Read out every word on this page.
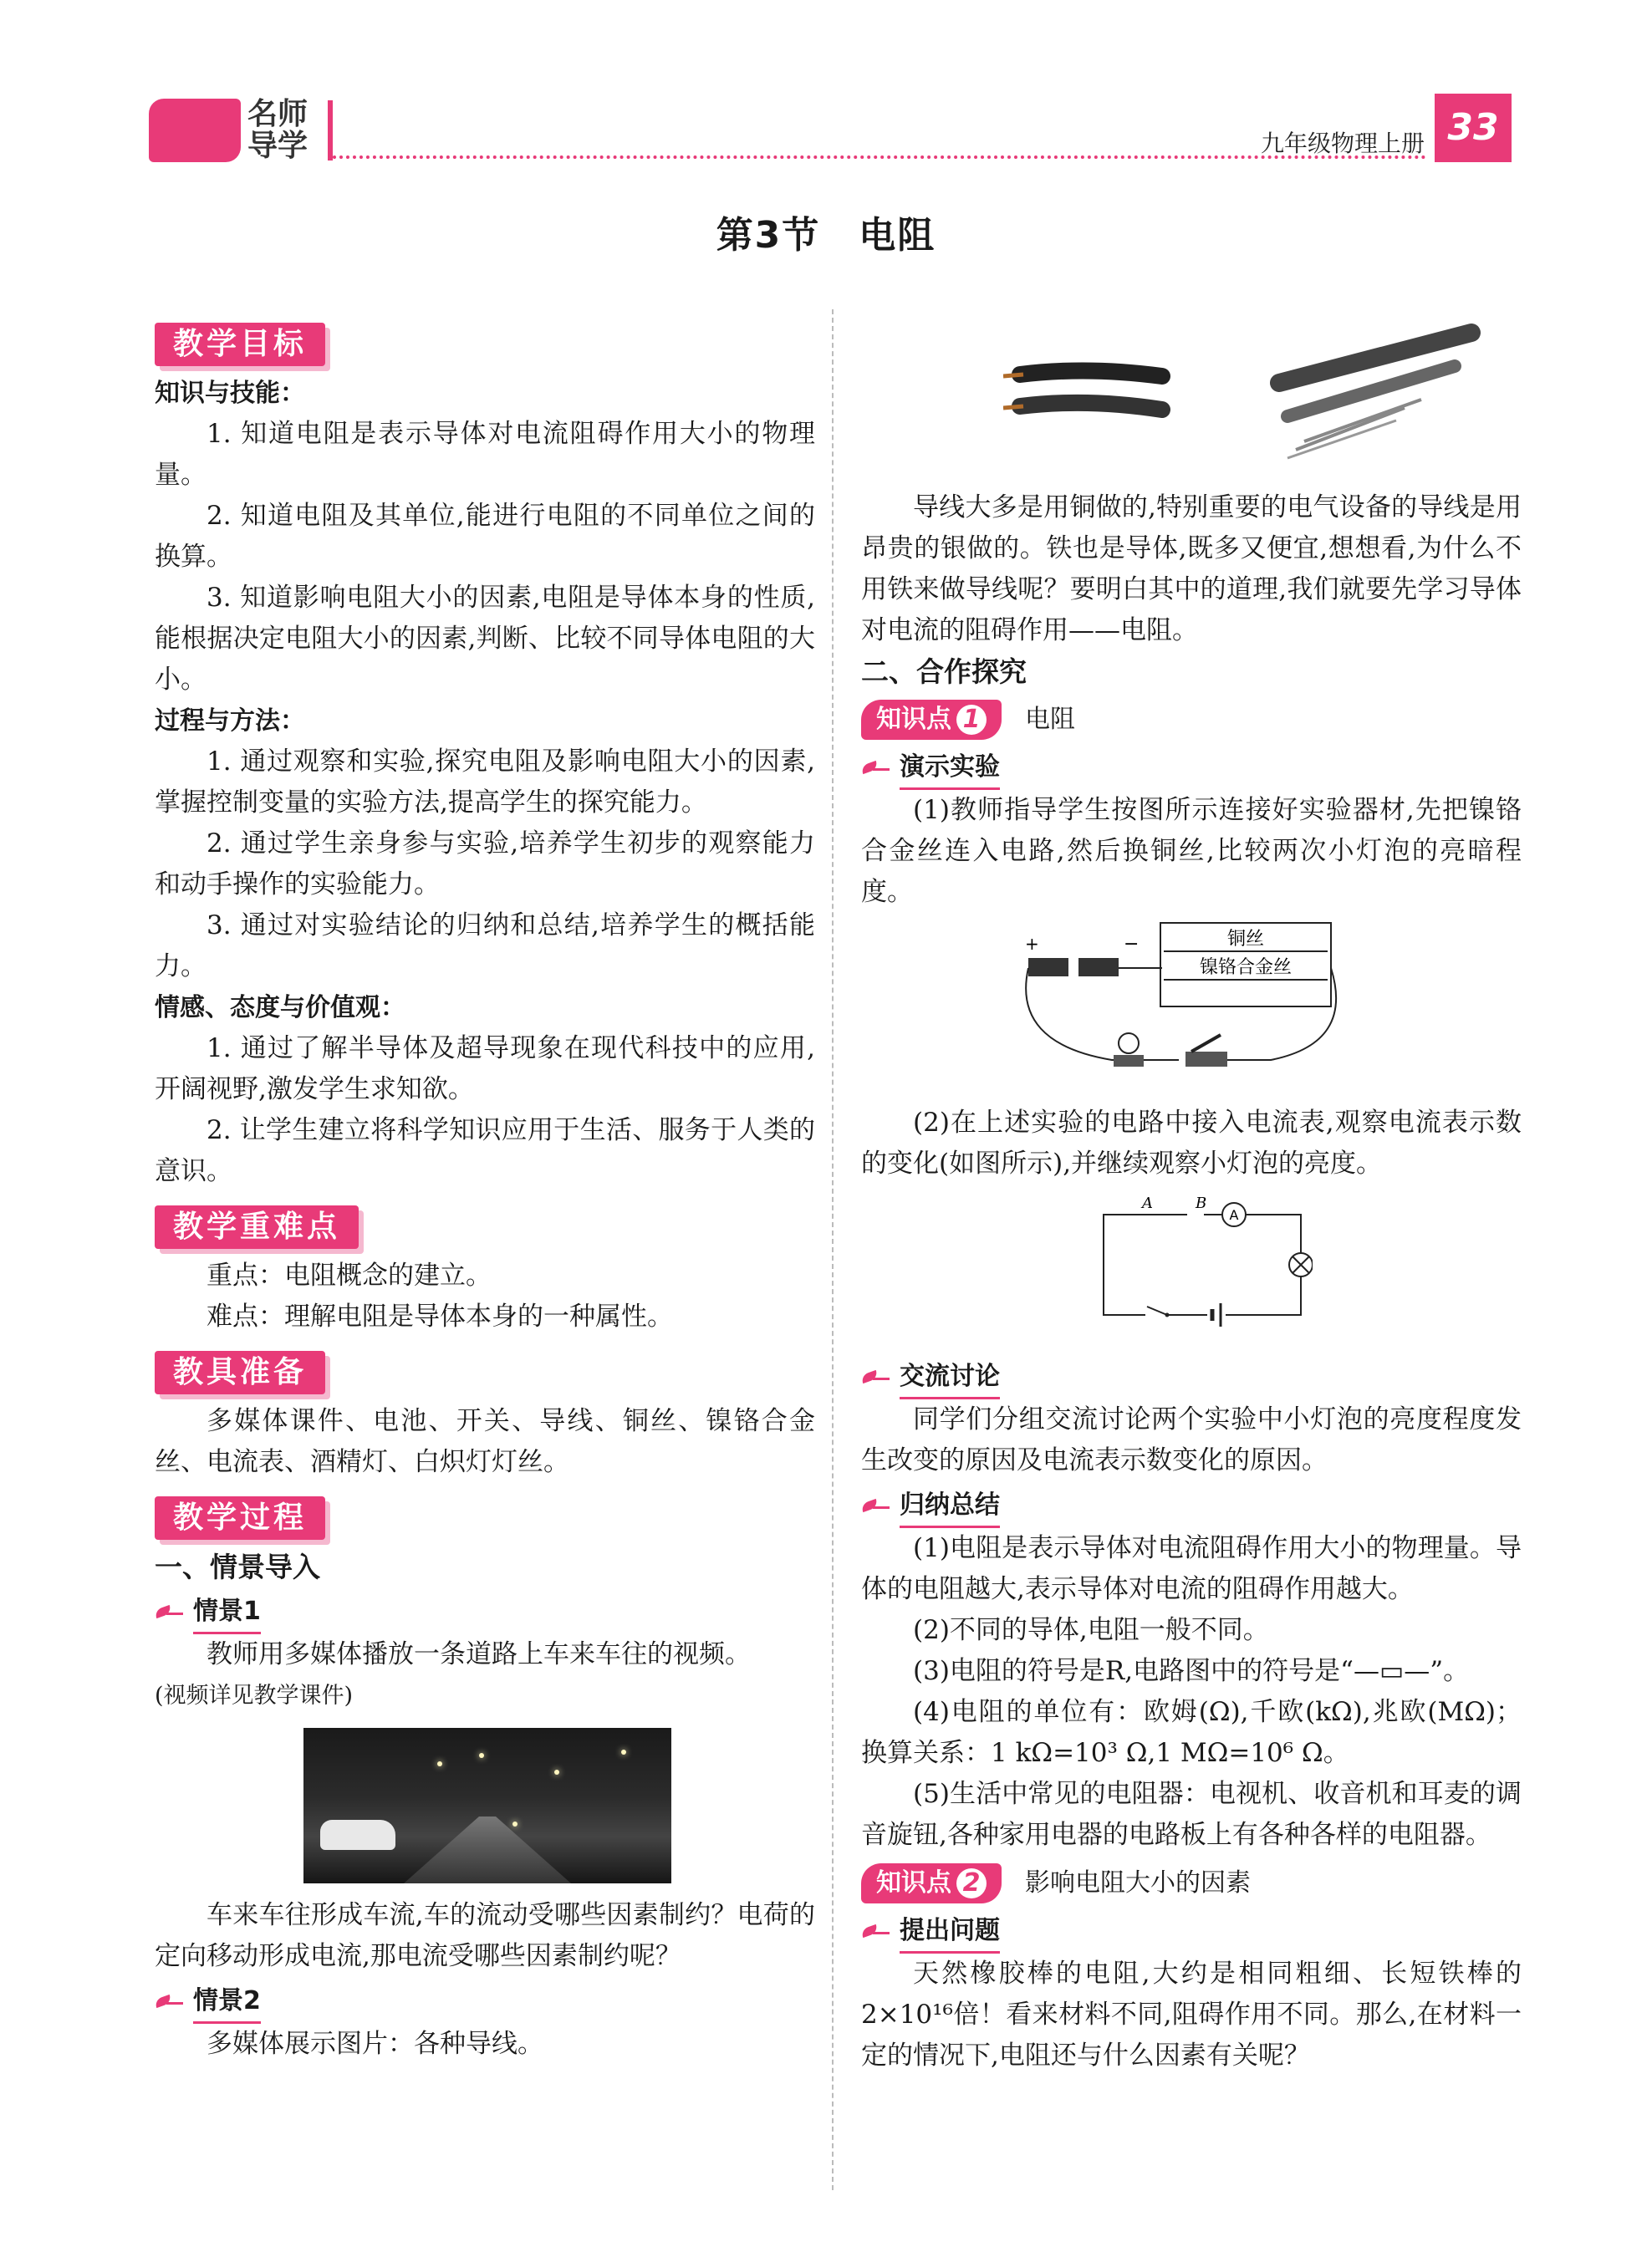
名师
导学	九年级物理上册 33
第3节　电阻
教学目标

知识与技能：

1. 知道电阻是表示导体对电流阻碍作用大小的物理量。

2. 知道电阻及其单位,能进行电阻的不同单位之间的换算。

3. 知道影响电阻大小的因素,电阻是导体本身的性质,能根据决定电阻大小的因素,判断、比较不同导体电阻的大小。

过程与方法：

1. 通过观察和实验,探究电阻及影响电阻大小的因素,掌握控制变量的实验方法,提高学生的探究能力。

2. 通过学生亲身参与实验,培养学生初步的观察能力和动手操作的实验能力。

3. 通过对实验结论的归纳和总结,培养学生的概括能力。

情感、态度与价值观：

1. 通过了解半导体及超导现象在现代科技中的应用,开阔视野,激发学生求知欲。

2. 让学生建立将科学知识应用于生活、服务于人类的意识。

教学重难点

重点：电阻概念的建立。

难点：理解电阻是导体本身的一种属性。

教具准备

多媒体课件、电池、开关、导线、铜丝、镍铬合金丝、电流表、酒精灯、白炽灯灯丝。

教学过程

一、情景导入

情景1

教师用多媒体播放一条道路上车来车往的视频。

(视频详见教学课件)

车来车往形成车流,车的流动受哪些因素制约？电荷的定向移动形成电流,那电流受哪些因素制约呢？

情景2

多媒体展示图片：各种导线。

导线大多是用铜做的,特别重要的电气设备的导线是用昂贵的银做的。铁也是导体,既多又便宜,想想看,为什么不用铁来做导线呢？要明白其中的道理,我们就要先学习导体对电流的阻碍作用——电阻。

二、合作探究

知识点 1	电阻
演示实验

(1)教师指导学生按图所示连接好实验器材,先把镍铬合金丝连入电路,然后换铜丝,比较两次小灯泡的亮暗程度。

+	−	铜丝
镍铬合金丝

(2)在上述实验的电路中接入电流表,观察电流表示数的变化(如图所示),并继续观察小灯泡的亮度。

A	B
A
交流讨论

同学们分组交流讨论两个实验中小灯泡的亮度程度发生改变的原因及电流表示数变化的原因。

归纳总结

(1)电阻是表示导体对电流阻碍作用大小的物理量。导体的电阻越大,表示导体对电流的阻碍作用越大。

(2)不同的导体,电阻一般不同。

(3)电阻的符号是R,电路图中的符号是“—▭—”。

(4)电阻的单位有：欧姆(Ω),千欧(kΩ),兆欧(MΩ)；换算关系：1 kΩ=10³ Ω,1 MΩ=10⁶ Ω。

(5)生活中常见的电阻器：电视机、收音机和耳麦的调音旋钮,各种家用电器的电路板上有各种各样的电阻器。

知识点 2	影响电阻大小的因素
提出问题

天然橡胶棒的电阻,大约是相同粗细、长短铁棒的2×10¹⁶倍！看来材料不同,阻碍作用不同。那么,在材料一定的情况下,电阻还与什么因素有关呢？
